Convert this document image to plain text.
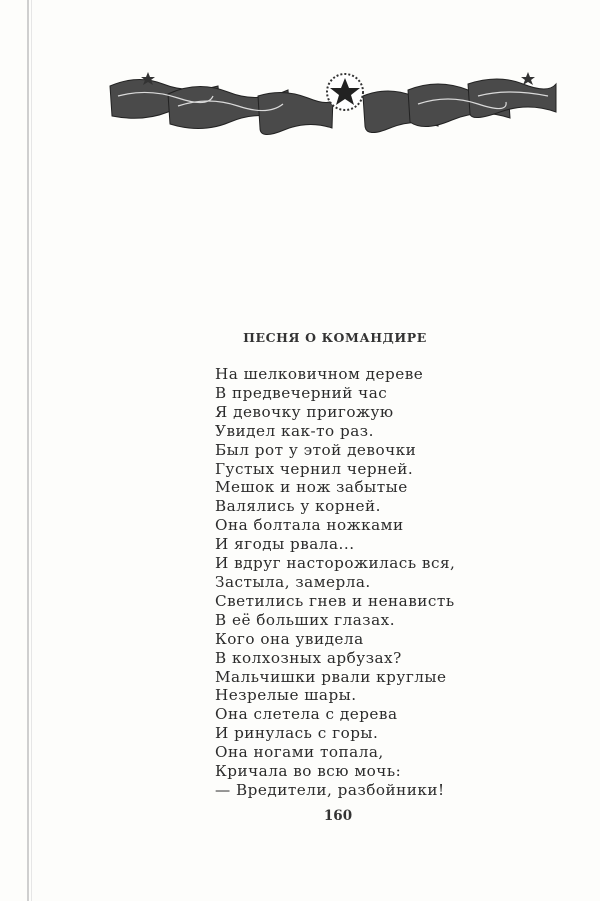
ПЕСНЯ О КОМАНДИРЕ
На шелковичном дереве
В предвечерний час
Я девочку пригожую
Увидел как-то раз.
Был рот у этой девочки
Густых чернил черней.
Мешок и нож забытые
Валялись у корней.
Она болтала ножками
И ягоды рвала...
И вдруг насторожилась вся,
Застыла, замерла.
Светились гнев и ненависть
В её больших глазах.
Кого она увидела
В колхозных арбузах?
Мальчишки рвали круглые
Незрелые шары.
Она слетела с дерева
И ринулась с горы.
Она ногами топала,
Кричала во всю мочь:
— Вредители, разбойники!
160
